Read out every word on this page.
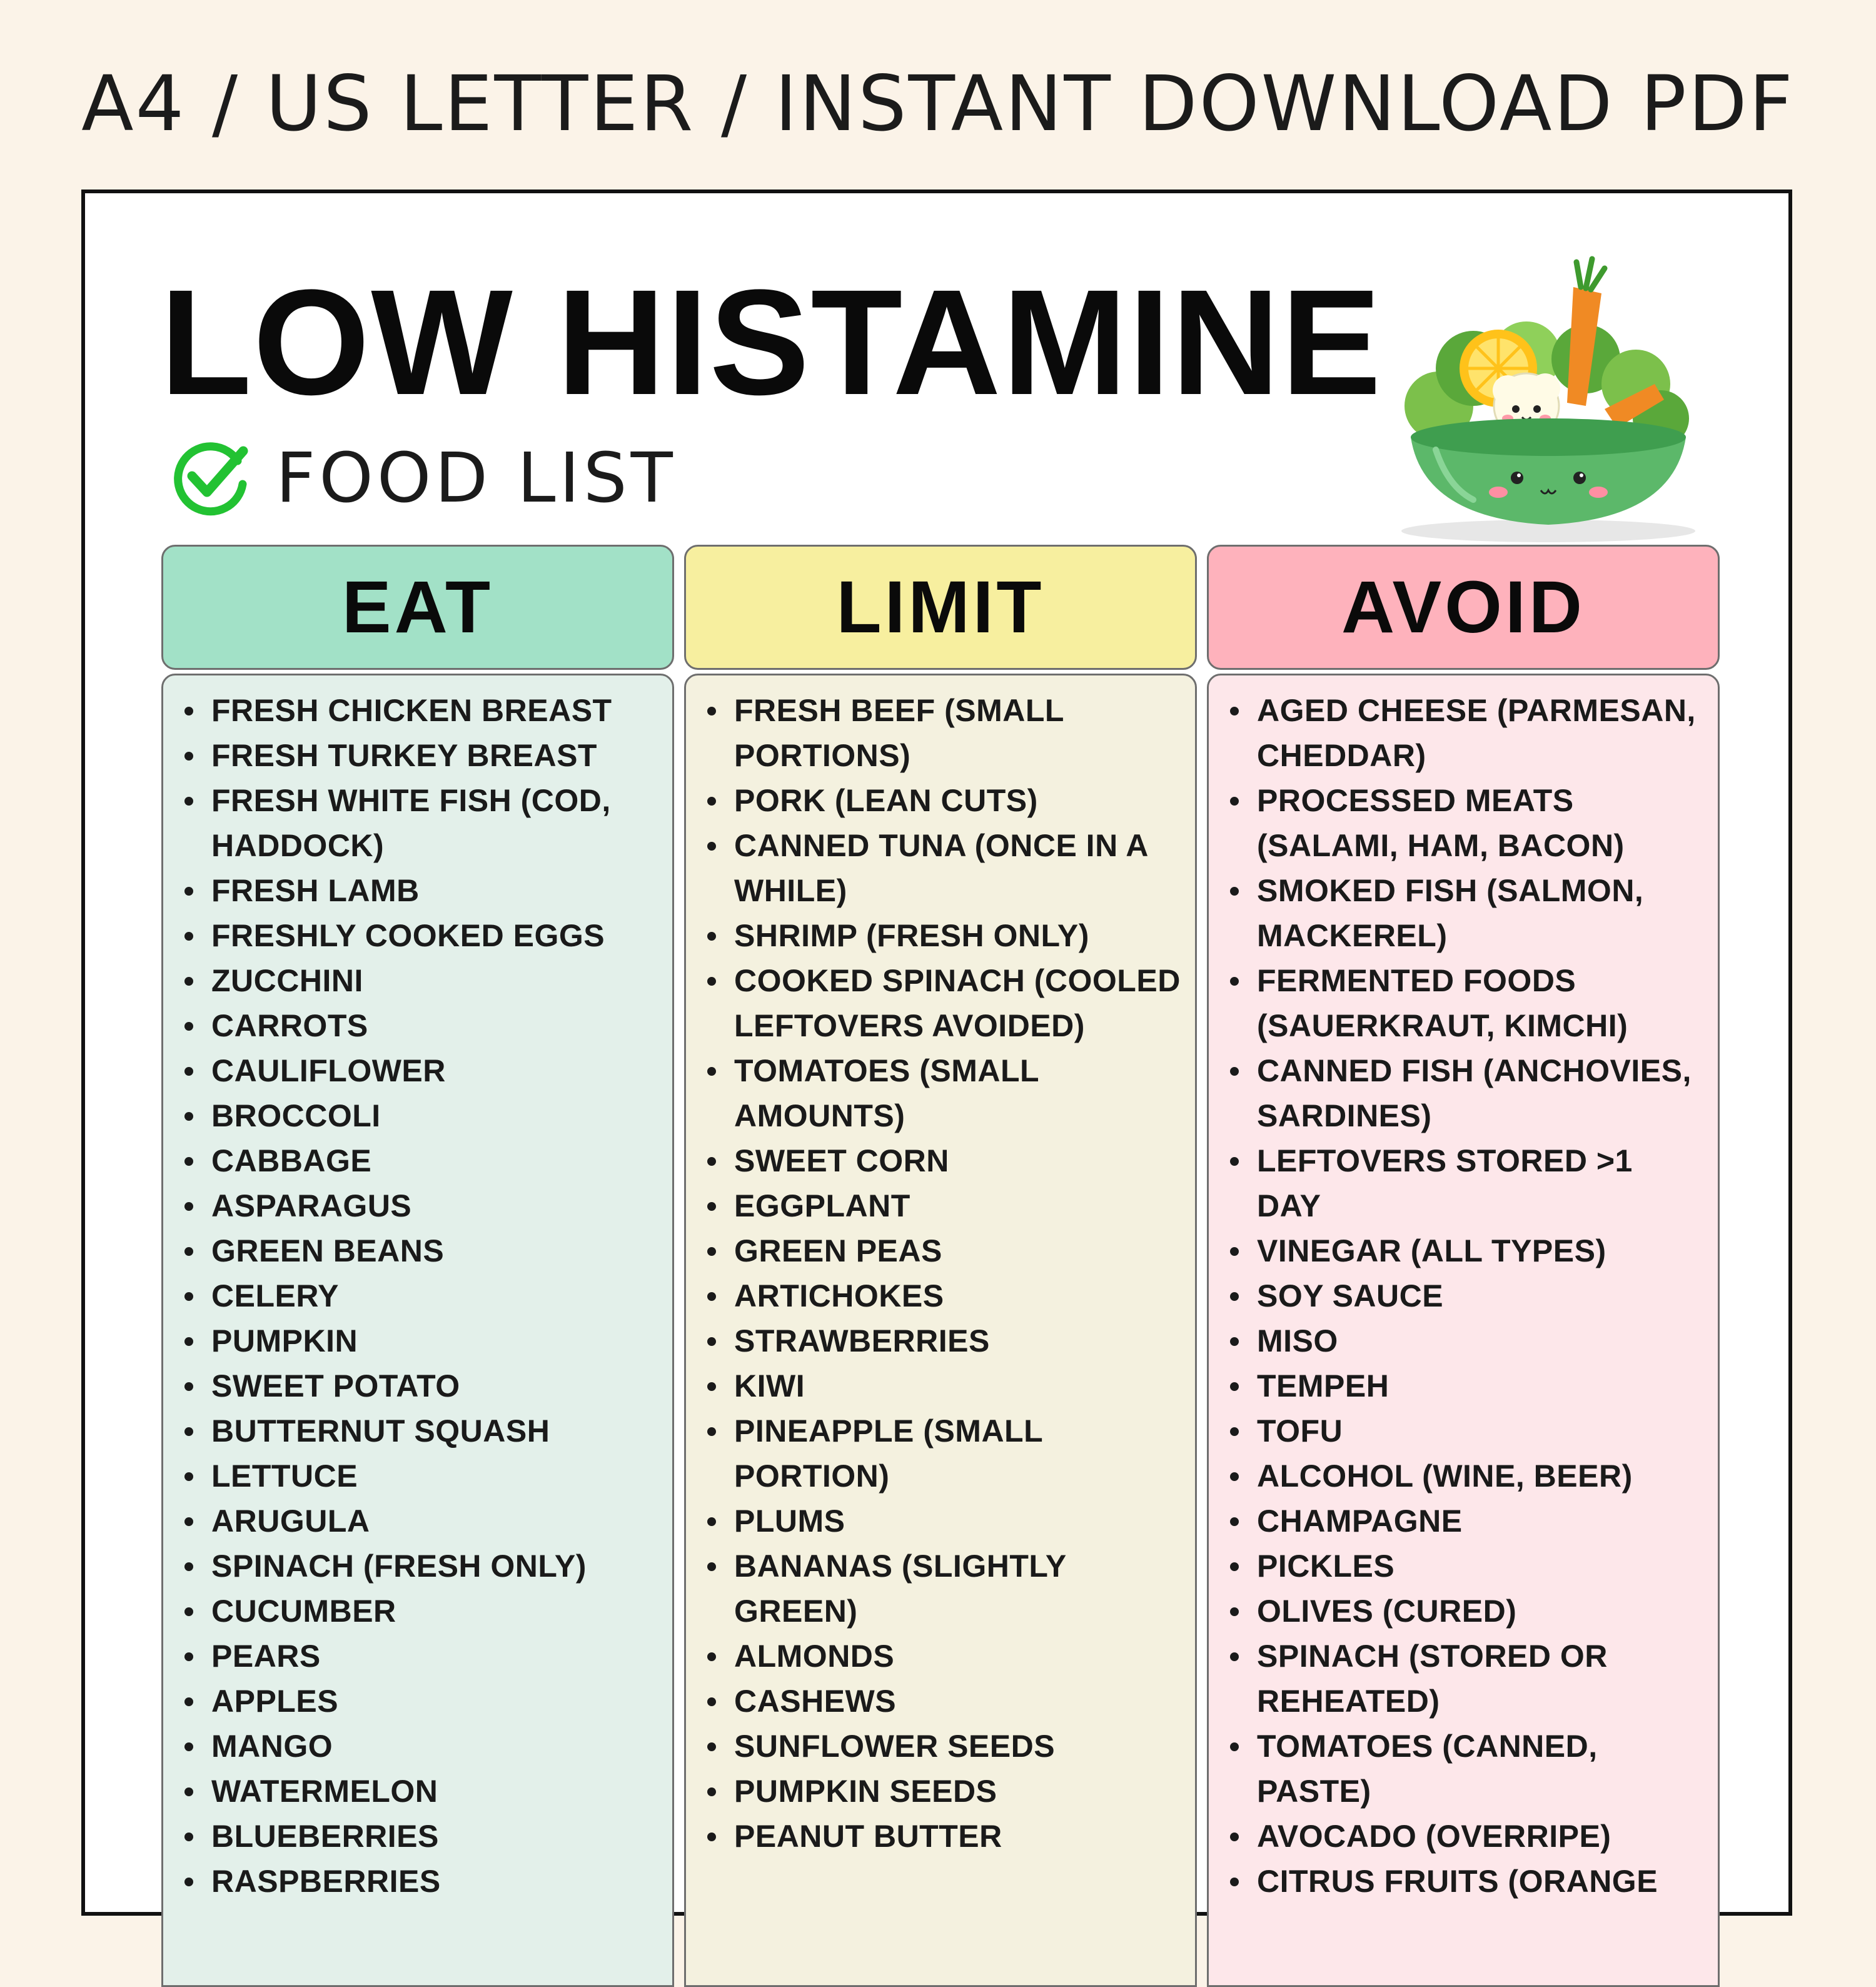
A4 / US LETTER / INSTANT DOWNLOAD PDF
LOW HISTAMINE
FOOD LIST
EAT
FRESH CHICKEN BREAST
FRESH TURKEY BREAST
FRESH WHITE FISH (COD, HADDOCK)
FRESH LAMB
FRESHLY COOKED EGGS
ZUCCHINI
CARROTS
CAULIFLOWER
BROCCOLI
CABBAGE
ASPARAGUS
GREEN BEANS
CELERY
PUMPKIN
SWEET POTATO
BUTTERNUT SQUASH
LETTUCE
ARUGULA
SPINACH (FRESH ONLY)
CUCUMBER
PEARS
APPLES
MANGO
WATERMELON
BLUEBERRIES
RASPBERRIES
LIMIT
FRESH BEEF (SMALL PORTIONS)
PORK (LEAN CUTS)
CANNED TUNA (ONCE IN A WHILE)
SHRIMP (FRESH ONLY)
COOKED SPINACH (COOLED LEFTOVERS AVOIDED)
TOMATOES (SMALL AMOUNTS)
SWEET CORN
EGGPLANT
GREEN PEAS
ARTICHOKES
STRAWBERRIES
KIWI
PINEAPPLE (SMALL PORTION)
PLUMS
BANANAS (SLIGHTLY GREEN)
ALMONDS
CASHEWS
SUNFLOWER SEEDS
PUMPKIN SEEDS
PEANUT BUTTER
AVOID
AGED CHEESE (PARMESAN, CHEDDAR)
PROCESSED MEATS (SALAMI, HAM, BACON)
SMOKED FISH (SALMON, MACKEREL)
FERMENTED FOODS (SAUERKRAUT, KIMCHI)
CANNED FISH (ANCHOVIES, SARDINES)
LEFTOVERS STORED >1 DAY
VINEGAR (ALL TYPES)
SOY SAUCE
MISO
TEMPEH
TOFU
ALCOHOL (WINE, BEER)
CHAMPAGNE
PICKLES
OLIVES (CURED)
SPINACH (STORED OR REHEATED)
TOMATOES (CANNED, PASTE)
AVOCADO (OVERRIPE)
CITRUS FRUITS (ORANGE
